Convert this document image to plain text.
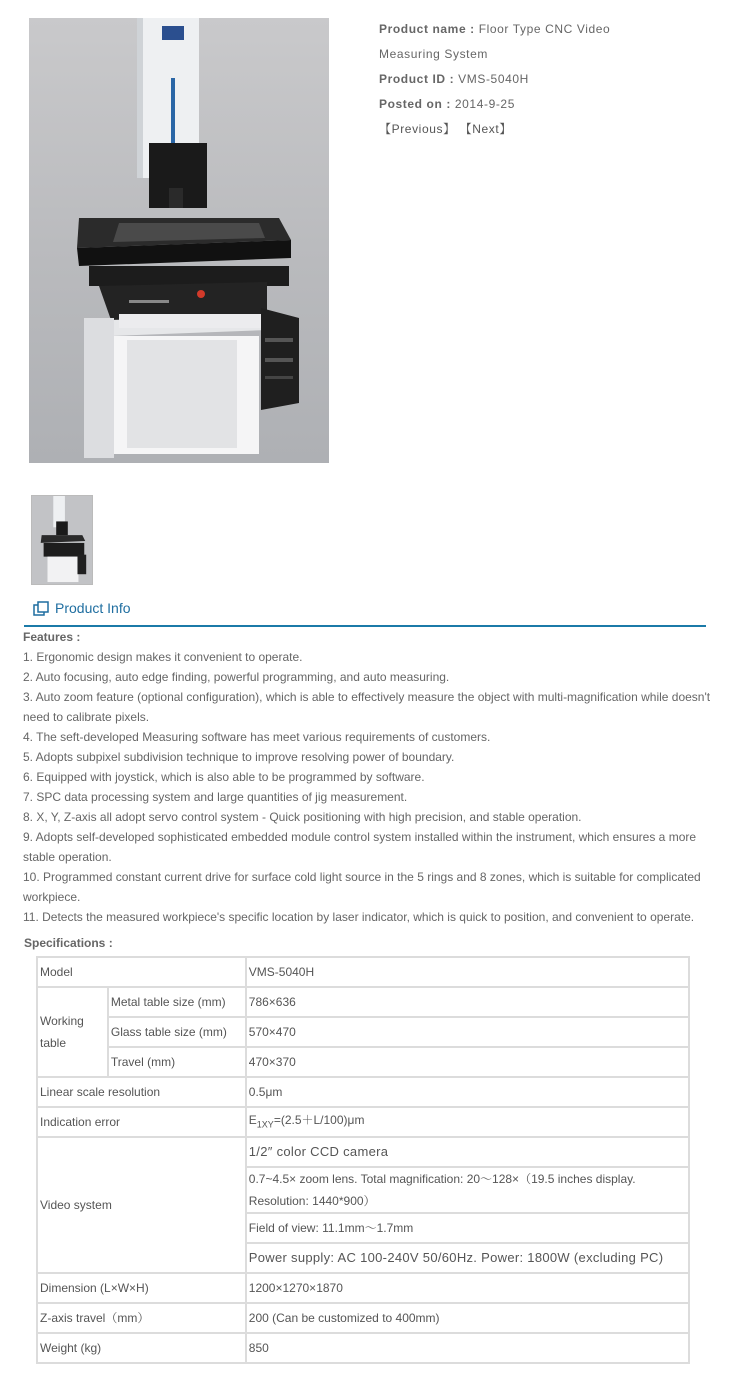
Product name : Floor Type CNC Video
Measuring System
Product ID : VMS-5040H
Posted on : 2014-9-25
【Previous】 【Next】
Product Info
Features :
1. Ergonomic design makes it convenient to operate.
2. Auto focusing, auto edge finding, powerful programming, and auto measuring.
3. Auto zoom feature (optional configuration), which is able to effectively measure the object with multi-magnification while doesn't need to calibrate pixels.
4. The seft-developed Measuring software has meet various requirements of customers.
5. Adopts subpixel subdivision technique to improve resolving power of boundary.
6. Equipped with joystick, which is also able to be programmed by software.
7. SPC data processing system and large quantities of jig measurement.
8. X, Y, Z-axis all adopt servo control system - Quick positioning with high precision, and stable operation.
9. Adopts self-developed sophisticated embedded module control system installed within the instrument, which ensures a more stable operation.
10. Programmed constant current drive for surface cold light source in the 5 rings and 8 zones, which is suitable for complicated workpiece.
11. Detects the measured workpiece's specific location by laser indicator, which is quick to position, and convenient to operate.
Specifications :
Model		VMS-5040H
Working table	Metal table size (mm)	786×636
	Glass table size (mm)	570×470
	Travel (mm)	470×370
Linear scale resolution		0.5μm
Indication error		$E_{1XY}=(2.5+L/100)\mu m$
Video system		1/2″ color CCD camera
		0.7~4.5× zoom lens. Total magnification: 20～128×（19.5 inches display. Resolution: 1440*900）
		Field of view: 11.1mm～1.7mm
		Power supply: AC 100-240V 50/60Hz. Power: 1800W (excluding PC)
Dimension (L×W×H)		1200×1270×1870
Z-axis travel（mm）		200 (Can be customized to 400mm)
Weight (kg)		850
